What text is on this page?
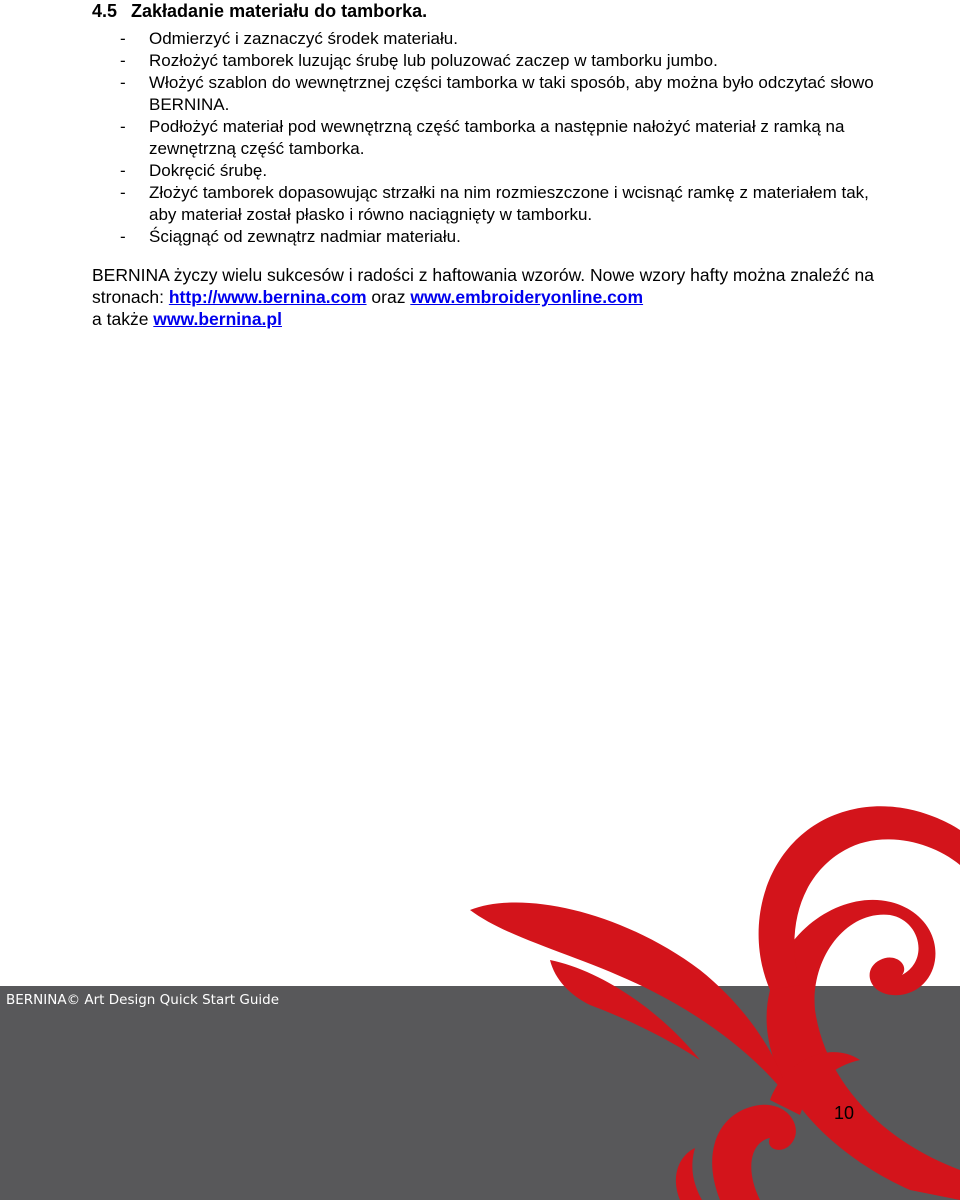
4.5 Zakładanie materiału do tamborka.
-	Odmierzyć i zaznaczyć środek materiału.
-	Rozłożyć tamborek luzując śrubę lub poluzować zaczep w tamborku jumbo.
-	Włożyć szablon do wewnętrznej części tamborka w taki sposób, aby można było odczytać słowo BERNINA.
-	Podłożyć materiał pod wewnętrzną część tamborka a następnie nałożyć materiał z ramką na zewnętrzną część tamborka.
-	Dokręcić śrubę.
-	Złożyć tamborek dopasowując strzałki na nim rozmieszczone i wcisnąć ramkę z materiałem tak, aby materiał został płasko i równo naciągnięty w tamborku.
-	Ściągnąć od zewnątrz nadmiar materiału.

BERNINA życzy wielu sukcesów i radości z haftowania wzorów. Nowe wzory hafty można znaleźć na stronach: http://www.bernina.com oraz www.embroideryonline.com
a także www.bernina.pl

BERNINA© Art Design Quick Start Guide
10
